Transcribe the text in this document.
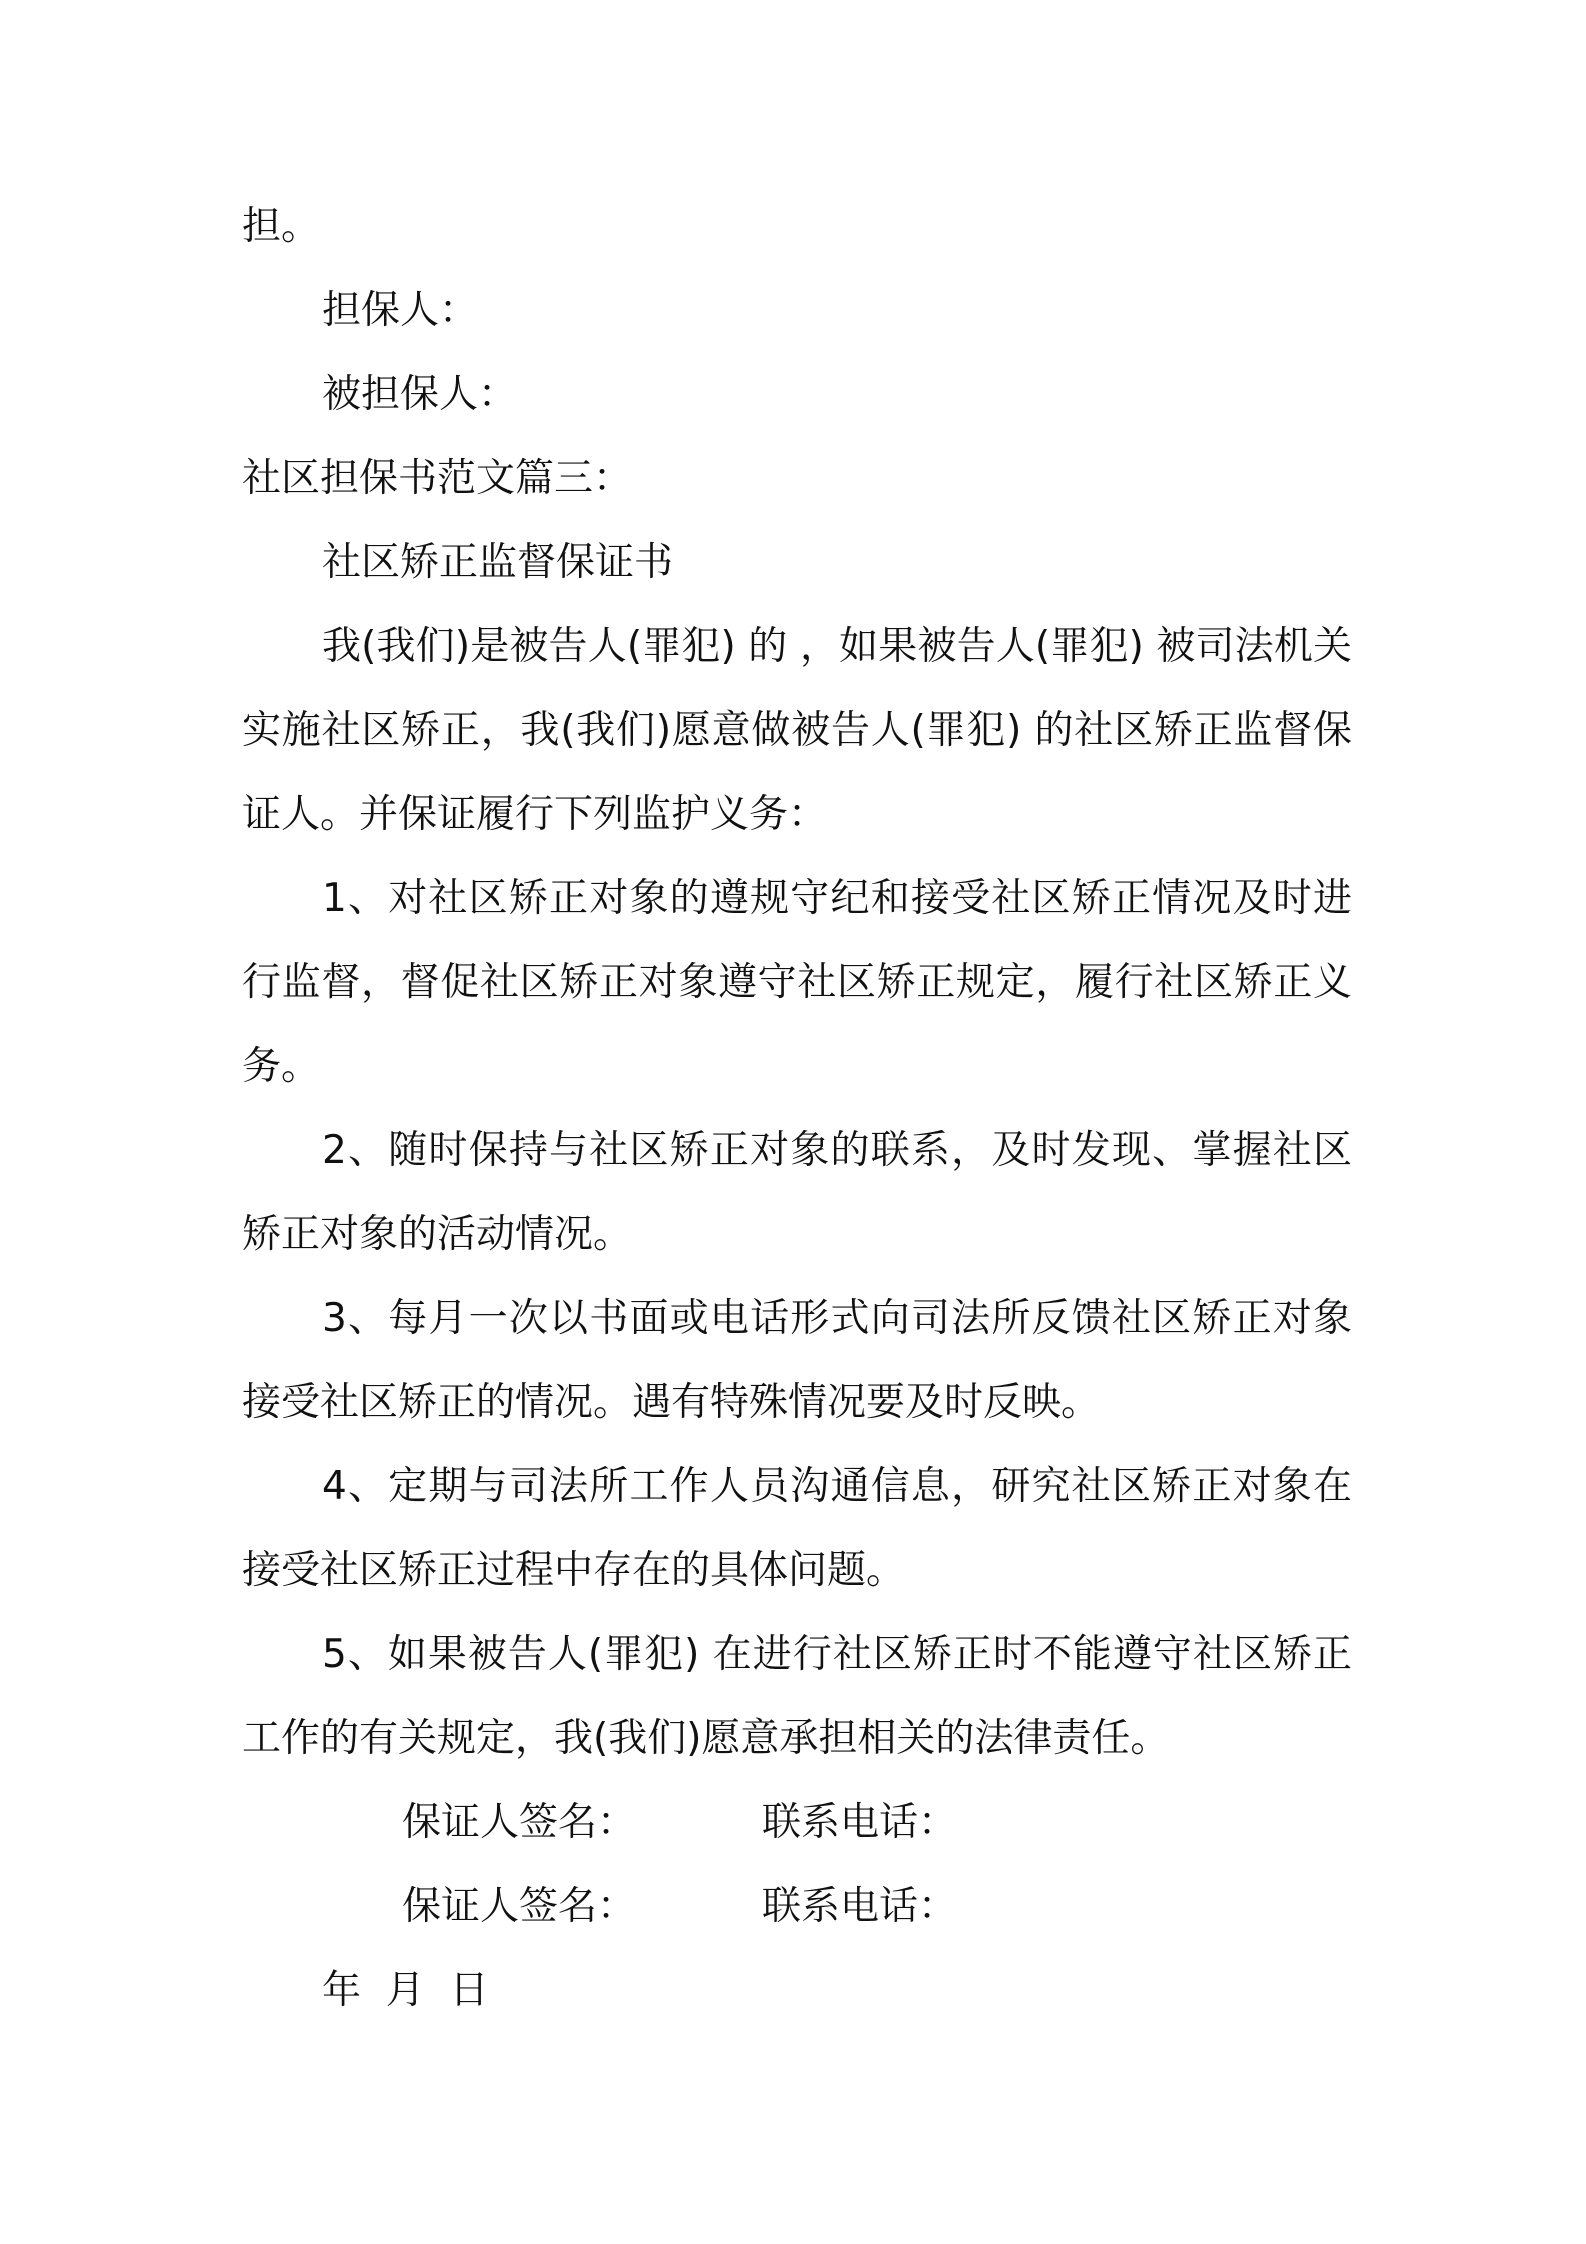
担。

担保人：

被担保人：

社区担保书范文篇三：

社区矫正监督保证书

我(我们)是被告人(罪犯) 的 ，如果被告人(罪犯) 被司法机关实施社区矫正，我(我们)愿意做被告人(罪犯) 的社区矫正监督保证人。并保证履行下列监护义务：

1、对社区矫正对象的遵规守纪和接受社区矫正情况及时进行监督，督促社区矫正对象遵守社区矫正规定，履行社区矫正义务。

2、随时保持与社区矫正对象的联系，及时发现、掌握社区矫正对象的活动情况。

3、每月一次以书面或电话形式向司法所反馈社区矫正对象接受社区矫正的情况。遇有特殊情况要及时反映。

4、定期与司法所工作人员沟通信息，研究社区矫正对象在接受社区矫正过程中存在的具体问题。

5、如果被告人(罪犯) 在进行社区矫正时不能遵守社区矫正工作的有关规定，我(我们)愿意承担相关的法律责任。

保证人签名：	联系电话：

保证人签名：	联系电话：

年  月  日
